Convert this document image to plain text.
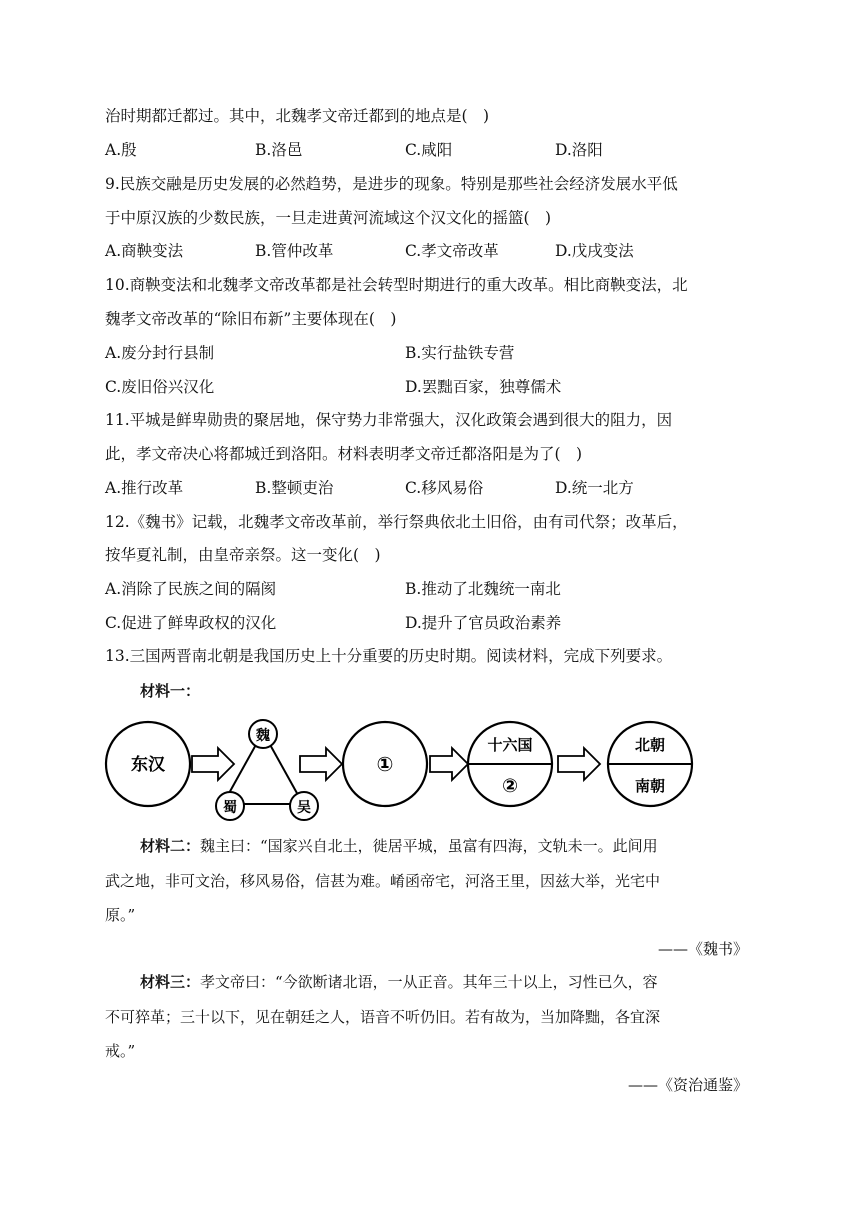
治时期都迁都过。其中，北魏孝文帝迁都到的地点是(　)
A.殷	B.洛邑	C.咸阳	D.洛阳
9.民族交融是历史发展的必然趋势，是进步的现象。特别是那些社会经济发展水平低
于中原汉族的少数民族，一旦走进黄河流域这个汉文化的摇篮(　)
A.商鞅变法	B.管仲改革	C.孝文帝改革	D.戊戌变法
10.商鞅变法和北魏孝文帝改革都是社会转型时期进行的重大改革。相比商鞅变法，北
魏孝文帝改革的“除旧布新”主要体现在(　)
A.废分封行县制	B.实行盐铁专营
C.废旧俗兴汉化	D.罢黜百家，独尊儒术
11.平城是鲜卑勋贵的聚居地，保守势力非常强大，汉化政策会遇到很大的阻力，因
此，孝文帝决心将都城迁到洛阳。材料表明孝文帝迁都洛阳是为了(　)
A.推行改革	B.整顿吏治	C.移风易俗	D.统一北方
12.《魏书》记载，北魏孝文帝改革前，举行祭典依北土旧俗，由有司代祭；改革后，
按华夏礼制，由皇帝亲祭。这一变化(　)
A.消除了民族之间的隔阂	B.推动了北魏统一南北
C.促进了鲜卑政权的汉化	D.提升了官员政治素养
13.三国两晋南北朝是我国历史上十分重要的历史时期。阅读材料，完成下列要求。
材料一：
东汉
魏
蜀	吴
①
十六国
②
北朝
南朝
材料二：魏主曰：“国家兴自北土，徙居平城，虽富有四海，文轨未一。此间用
武之地，非可文治，移风易俗，信甚为难。崤函帝宅，河洛王里，因兹大举，光宅中
原。”
——《魏书》
材料三：孝文帝曰：“今欲断诸北语，一从正音。其年三十以上，习性已久，容
不可猝革；三十以下，见在朝廷之人，语音不听仍旧。若有故为，当加降黜，各宜深
戒。”
——《资治通鉴》
